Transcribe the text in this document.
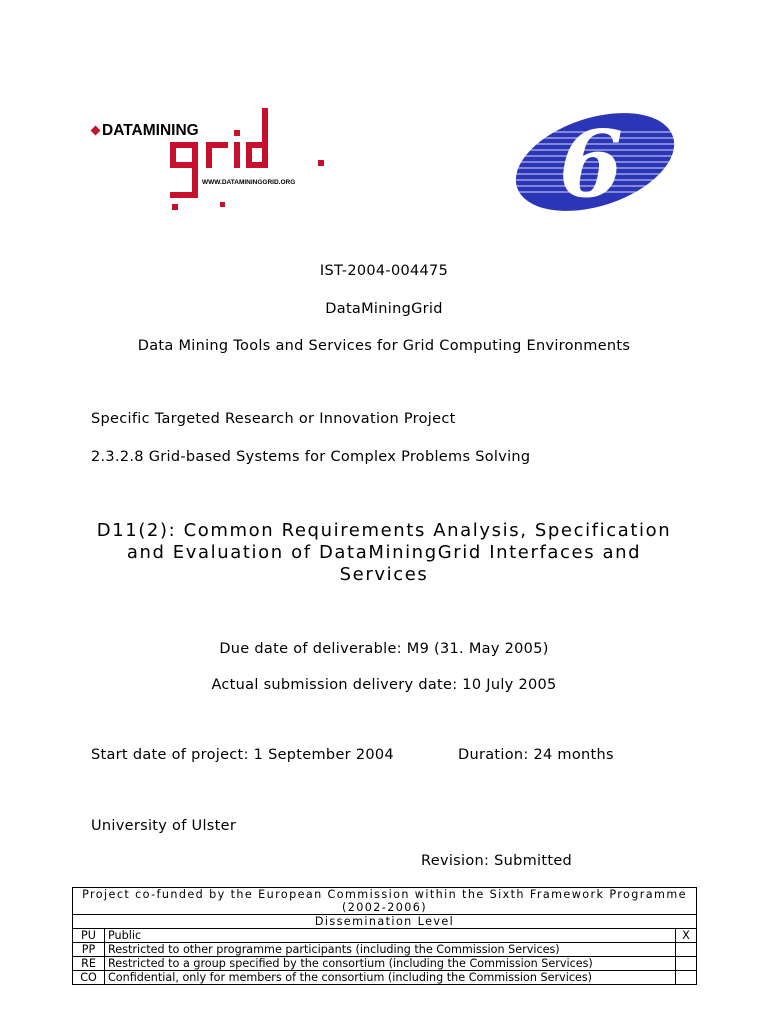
DATAMINING
WWW.DATAMININGGRID.ORG	6
IST-2004-004475
DataMiningGrid
Data Mining Tools and Services for Grid Computing Environments
Specific Targeted Research or Innovation Project
2.3.2.8 Grid-based Systems for Complex Problems Solving
D11(2): Common Requirements Analysis, Specification
and Evaluation of DataMiningGrid Interfaces and
Services
Due date of deliverable: M9 (31. May 2005)
Actual submission delivery date: 10 July 2005
Start date of project: 1 September 2004	Duration: 24 months
University of Ulster
Revision: Submitted
Project co-funded by the European Commission within the Sixth Framework Programme (2002-2006)		
Dissemination Level		
PU	Public	X
PP	Restricted to other programme participants (including the Commission Services)	
RE	Restricted to a group specified by the consortium (including the Commission Services)	
CO	Confidential, only for members of the consortium (including the Commission Services)	
